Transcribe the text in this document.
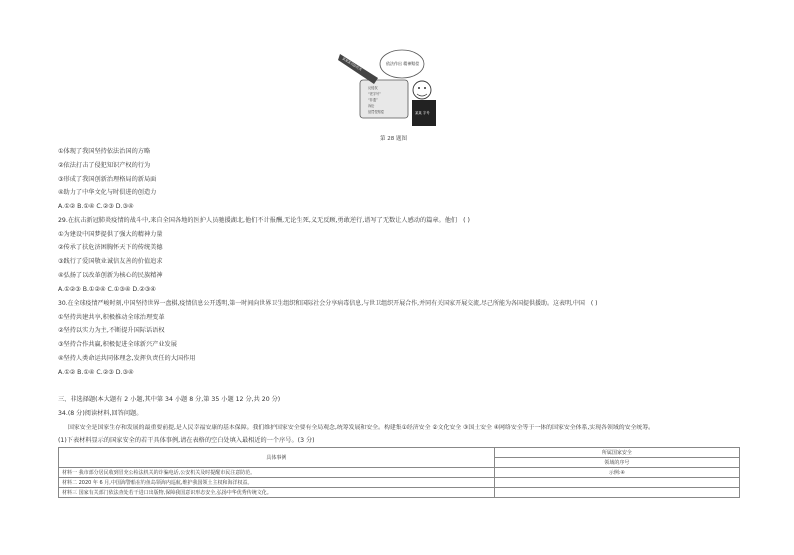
某某某司法机关	依法作出 精神赔偿
某某 字号
反侵权 “老字号” “非遗” 诉讼 惩罚性赔偿
第 28 题图
①体现了我国坚持依法治国的方略
②依法打击了侵犯知识产权的行为
③形成了我国创新治理格局的新局面
④助力了中华文化与时俱进的创造力
A.①② B.①④ C.②③ D.③④
29.在抗击新冠肺炎疫情的战斗中,来自全国各地的医护人员驰援湖北,他们不计报酬,无论生死,义无反顾,勇敢逆行,谱写了无数让人感动的篇章。他们 ( )
①为建设中国梦提供了强大的精神力量
②传承了扶危济困胸怀天下的传统美德
③践行了爱国敬业诚信友善的价值追求
④弘扬了以改革创新为核心的民族精神
A.①②③ B.①②④ C.①③④ D.②③④
30.在全球疫情严峻时刻,中国坚持世界一盘棋,疫情信息公开透明,第一时间向世界卫生组织和国际社会分享病毒信息,与世卫组织开展合作,并同有关国家开展交流,尽己所能为各国提供援助。这表明,中国 ( )
①坚持共建共享,积极推动全球治理变革
②坚持以实力为主,不断提升国际话语权
③坚持合作共赢,积极促进全球新兴产业发展
④坚持人类命运共同体理念,发挥负责任的大国作用
A.①② B.①④ C.②③ D.③④
三、非选择题(本大题有 2 小题,其中第 34 小题 8 分,第 35 小题 12 分,共 20 分)
34.(8 分)阅读材料,回答问题。
国家安全是国家生存和发展的最重要前提,是人民幸福安康的基本保障。我们维护国家安全要有全局观念,统筹发展和安全。构建集①经济安全 ②文化安全 ③国土安全 ④网络安全等于一体的国家安全体系,实现各领域的安全统筹。
(1)下表材料显示的国家安全的若干具体事例,请在表格的空白处填入最相近的一个序号。(3 分)
具体事例	所属国家安全
	领域的序号
材料一 我市部分居民收到冒充公检法机关的诈骗电话,公安机关及时提醒市民注意防范。	示例:④
材料二 2020 年 6 月,中国海警船在钓鱼岛领海内巡航,维护我国领土主权和海洋权益。	
材料三 国家有关部门依法查处若干进口出版物,保障我国意识形态安全,弘扬中华优秀传统文化。	
